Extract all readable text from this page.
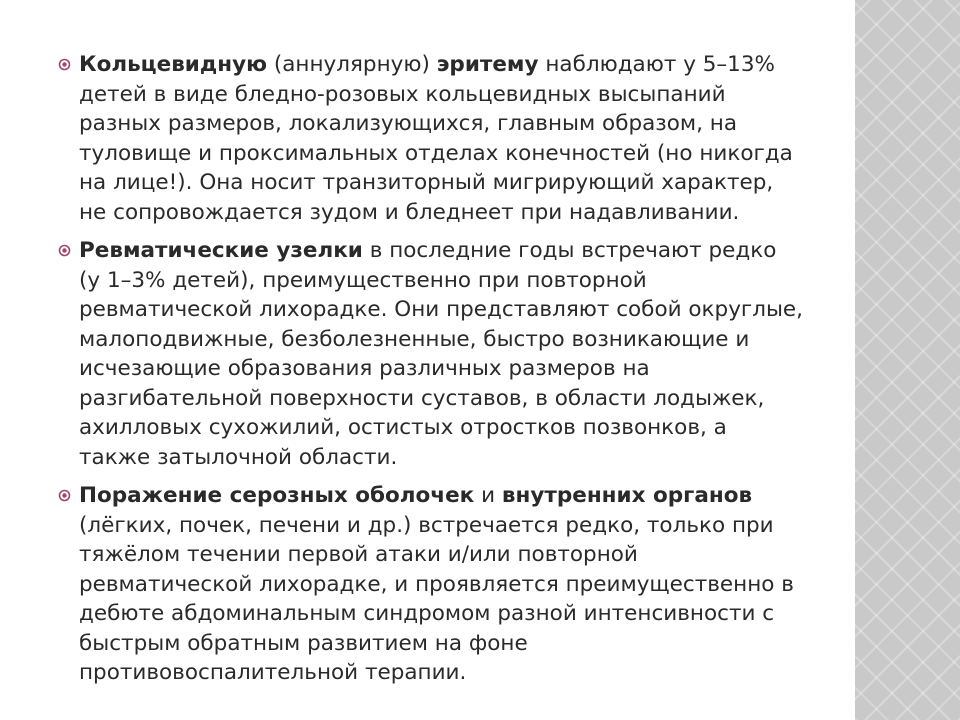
Кольцевидную (аннулярную) эритему наблюдают у 5–13% детей в виде бледно-розовых кольцевидных высыпаний разных размеров, локализующихся, главным образом, на туловище и проксимальных отделах конечностей (но никогда на лице!). Она носит транзиторный мигрирующий характер, не сопровождается зудом и бледнеет при надавливании.
Ревматические узелки в последние годы встречают редко (у 1–3% детей), преимущественно при повторной ревматической лихорадке. Они представляют собой округлые, малоподвижные, безболезненные, быстро возникающие и исчезающие образования различных размеров на разгибательной поверхности суставов, в области лодыжек, ахилловых сухожилий, остистых отростков позвонков, а также затылочной области.
Поражение серозных оболочек и внутренних органов (лёгких, почек, печени и др.) встречается редко, только при тяжёлом течении первой атаки и/или повторной ревматической лихорадке, и проявляется преимущественно в дебюте абдоминальным синдромом разной интенсивности с быстрым обратным развитием на фоне противовоспалительной терапии.
